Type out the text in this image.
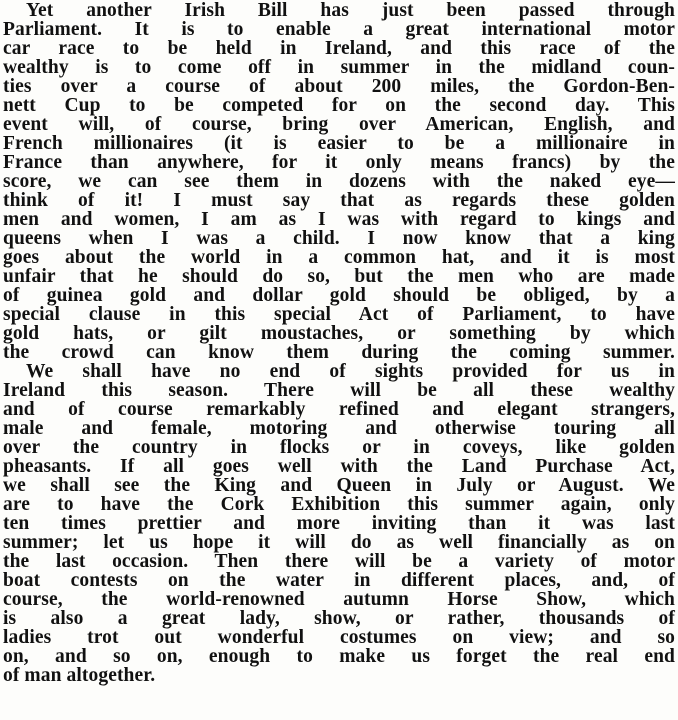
Yet another Irish Bill has just been passed through
Parliament. It is to enable a great international motor
car race to be held in Ireland, and this race of the
wealthy is to come off in summer in the midland coun-
ties over a course of about 200 miles, the Gordon-Ben-
nett Cup to be competed for on the second day. This
event will, of course, bring over American, English, and
French millionaires (it is easier to be a millionaire in
France than anywhere, for it only means francs) by the
score, we can see them in dozens with the naked eye—
think of it! I must say that as regards these golden
men and women, I am as I was with regard to kings and
queens when I was a child. I now know that a king
goes about the world in a common hat, and it is most
unfair that he should do so, but the men who are made
of guinea gold and dollar gold should be obliged, by a
special clause in this special Act of Parliament, to have
gold hats, or gilt moustaches, or something by which
the crowd can know them during the coming summer.
We shall have no end of sights provided for us in
Ireland this season. There will be all these wealthy
and of course remarkably refined and elegant strangers,
male and female, motoring and otherwise touring all
over the country in flocks or in coveys, like golden
pheasants. If all goes well with the Land Purchase Act,
we shall see the King and Queen in July or August. We
are to have the Cork Exhibition this summer again, only
ten times prettier and more inviting than it was last
summer; let us hope it will do as well financially as on
the last occasion. Then there will be a variety of motor
boat contests on the water in different places, and, of
course, the world-renowned autumn Horse Show, which
is also a great lady, show, or rather, thousands of
ladies trot out wonderful costumes on view; and so
on, and so on, enough to make us forget the real end
of man altogether.
